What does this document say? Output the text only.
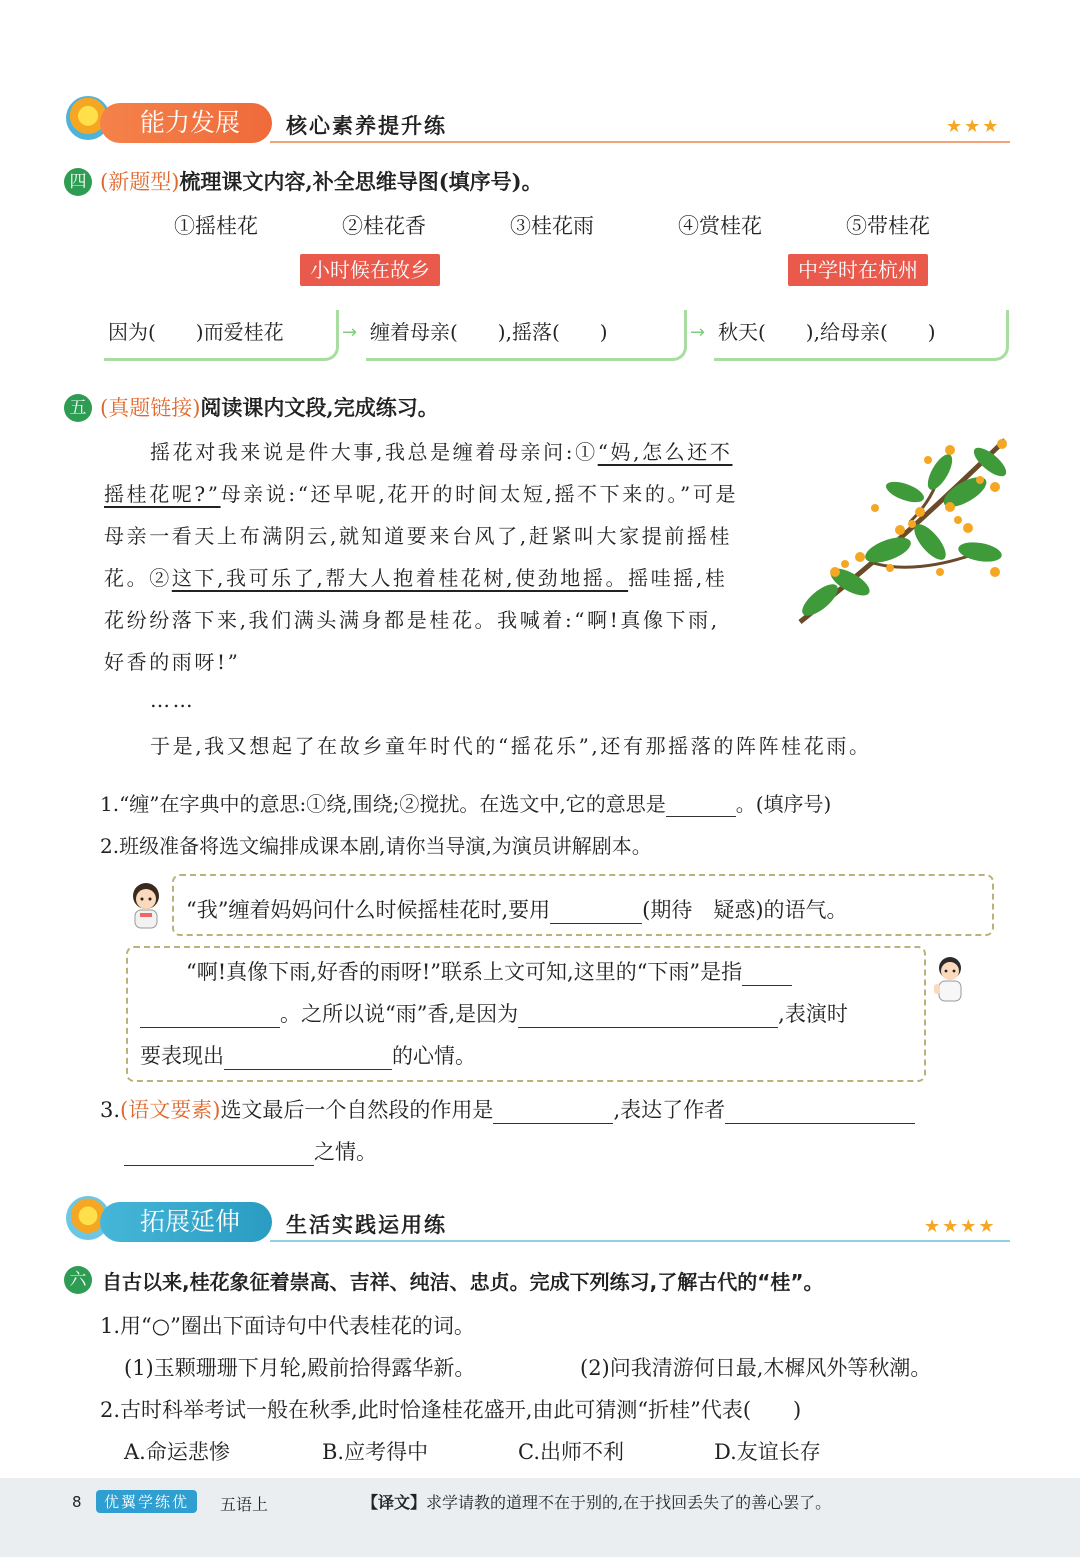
能力发展	核心素养提升练	★★★
四 (新题型)梳理课文内容,补全思维导图(填序号)。
①摇桂花	②桂花香	③桂花雨	④赏桂花	⑤带桂花
小时候在故乡	中学时在杭州
因为(　　)而爱桂花	→ 缠着母亲(　　),摇落(　　)	→ 秋天(　　),给母亲(　　)
五 (真题链接)阅读课内文段,完成练习。
摇花对我来说是件大事,我总是缠着母亲问:①“妈,怎么还不
摇桂花呢?”母亲说:“还早呢,花开的时间太短,摇不下来的。”可是
母亲一看天上布满阴云,就知道要来台风了,赶紧叫大家提前摇桂
花。②这下,我可乐了,帮大人抱着桂花树,使劲地摇。摇哇摇,桂
花纷纷落下来,我们满头满身都是桂花。我喊着:“啊!真像下雨,
好香的雨呀!”
……
于是,我又想起了在故乡童年时代的“摇花乐”,还有那摇落的阵阵桂花雨。
1.“缠”在字典中的意思:①绕,围绕;②搅扰。在选文中,它的意思是	。(填序号)
2.班级准备将选文编排成课本剧,请你当导演,为演员讲解剧本。
“我”缠着妈妈问什么时候摇桂花时,要用	(期待　疑惑)的语气。
“啊!真像下雨,好香的雨呀!”联系上文可知,这里的“下雨”是指
。之所以说“雨”香,是因为	,表演时
要表现出	的心情。
3.(语文要素)选文最后一个自然段的作用是	,表达了作者
之情。
拓展延伸	生活实践运用练	★★★★
六 自古以来,桂花象征着崇高、吉祥、纯洁、忠贞。完成下列练习,了解古代的“桂”。
1.用“○”圈出下面诗句中代表桂花的词。
(1)玉颗珊珊下月轮,殿前拾得露华新。	(2)问我清游何日最,木樨风外等秋潮。
2.古时科举考试一般在秋季,此时恰逢桂花盛开,由此可猜测“折桂”代表(　　)
A.命运悲惨	B.应考得中	C.出师不利	D.友谊长存
8	优翼学练优	五语上	【译文】求学请教的道理不在于别的,在于找回丢失了的善心罢了。
